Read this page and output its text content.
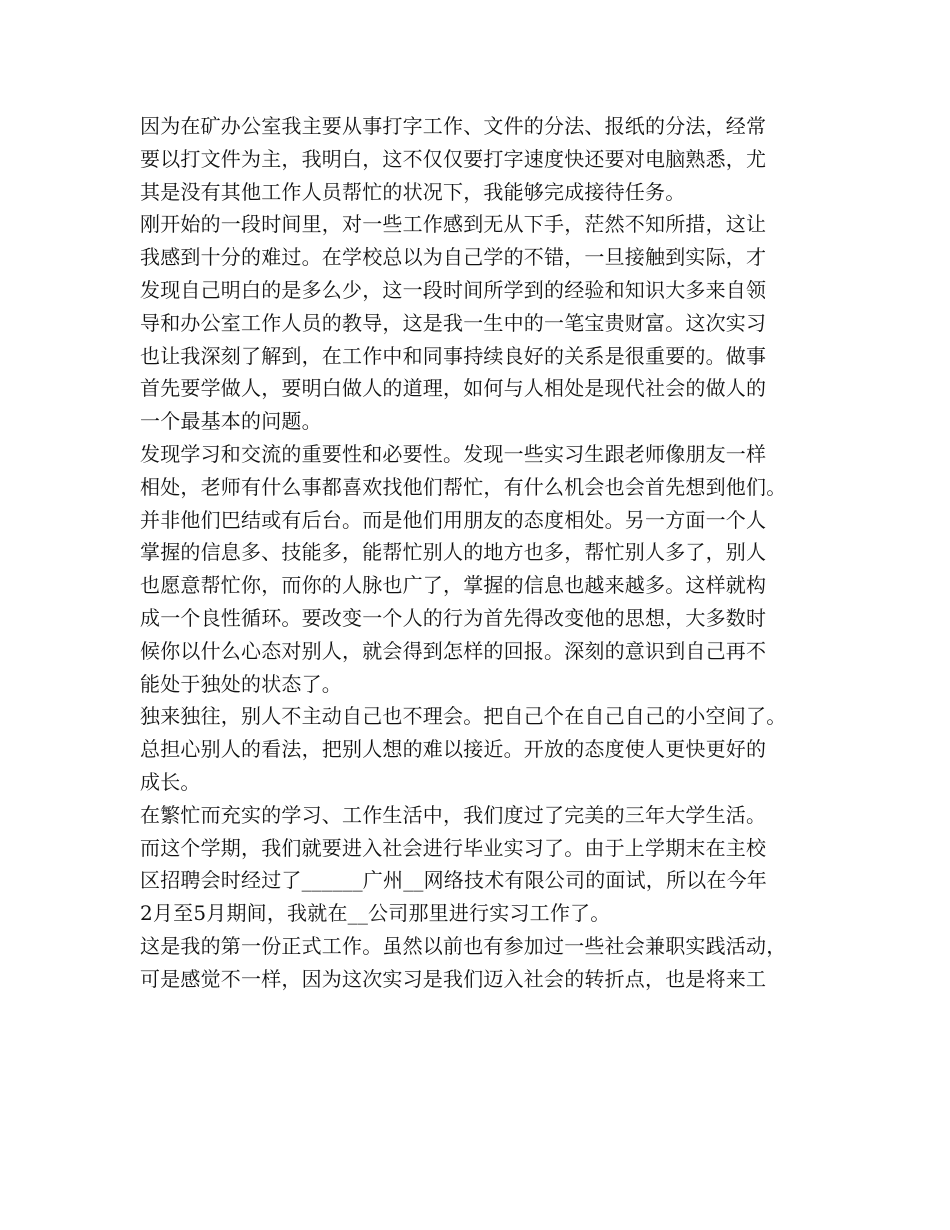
因为在矿办公室我主要从事打字工作、文件的分法、报纸的分法，经常
要以打文件为主，我明白，这不仅仅要打字速度快还要对电脑熟悉，尤
其是没有其他工作人员帮忙的状况下，我能够完成接待任务。
刚开始的一段时间里，对一些工作感到无从下手，茫然不知所措，这让
我感到十分的难过。在学校总以为自己学的不错，一旦接触到实际，才
发现自己明白的是多么少，这一段时间所学到的经验和知识大多来自领
导和办公室工作人员的教导，这是我一生中的一笔宝贵财富。这次实习
也让我深刻了解到，在工作中和同事持续良好的关系是很重要的。做事
首先要学做人，要明白做人的道理，如何与人相处是现代社会的做人的
一个最基本的问题。
发现学习和交流的重要性和必要性。发现一些实习生跟老师像朋友一样
相处，老师有什么事都喜欢找他们帮忙，有什么机会也会首先想到他们。
并非他们巴结或有后台。而是他们用朋友的态度相处。另一方面一个人
掌握的信息多、技能多，能帮忙别人的地方也多，帮忙别人多了，别人
也愿意帮忙你，而你的人脉也广了，掌握的信息也越来越多。这样就构
成一个良性循环。要改变一个人的行为首先得改变他的思想，大多数时
候你以什么心态对别人，就会得到怎样的回报。深刻的意识到自己再不
能处于独处的状态了。
独来独往，别人不主动自己也不理会。把自己个在自己自己的小空间了。
总担心别人的看法，把别人想的难以接近。开放的态度使人更快更好的
成长。
在繁忙而充实的学习、工作生活中，我们度过了完美的三年大学生活。
而这个学期，我们就要进入社会进行毕业实习了。由于上学期末在主校
区招聘会时经过了______广州__网络技术有限公司的面试，所以在今年
2月至5月期间，我就在__公司那里进行实习工作了。
这是我的第一份正式工作。虽然以前也有参加过一些社会兼职实践活动，
可是感觉不一样，因为这次实习是我们迈入社会的转折点，也是将来工
